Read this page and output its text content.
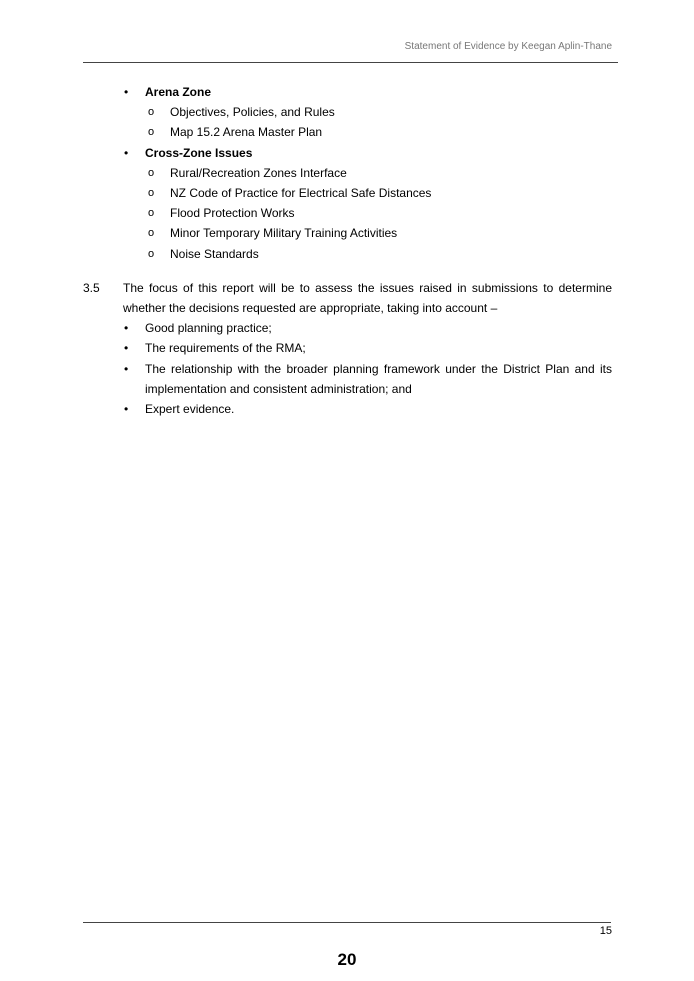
Statement of Evidence by Keegan Aplin-Thane
• Arena Zone
o Objectives, Policies, and Rules
o Map 15.2 Arena Master Plan
• Cross-Zone Issues
o Rural/Recreation Zones Interface
o NZ Code of Practice for Electrical Safe Distances
o Flood Protection Works
o Minor Temporary Military Training Activities
o Noise Standards
3.5 The focus of this report will be to assess the issues raised in submissions to determine whether the decisions requested are appropriate, taking into account –
• Good planning practice;
• The requirements of the RMA;
• The relationship with the broader planning framework under the District Plan and its implementation and consistent administration; and
• Expert evidence.
15
20
